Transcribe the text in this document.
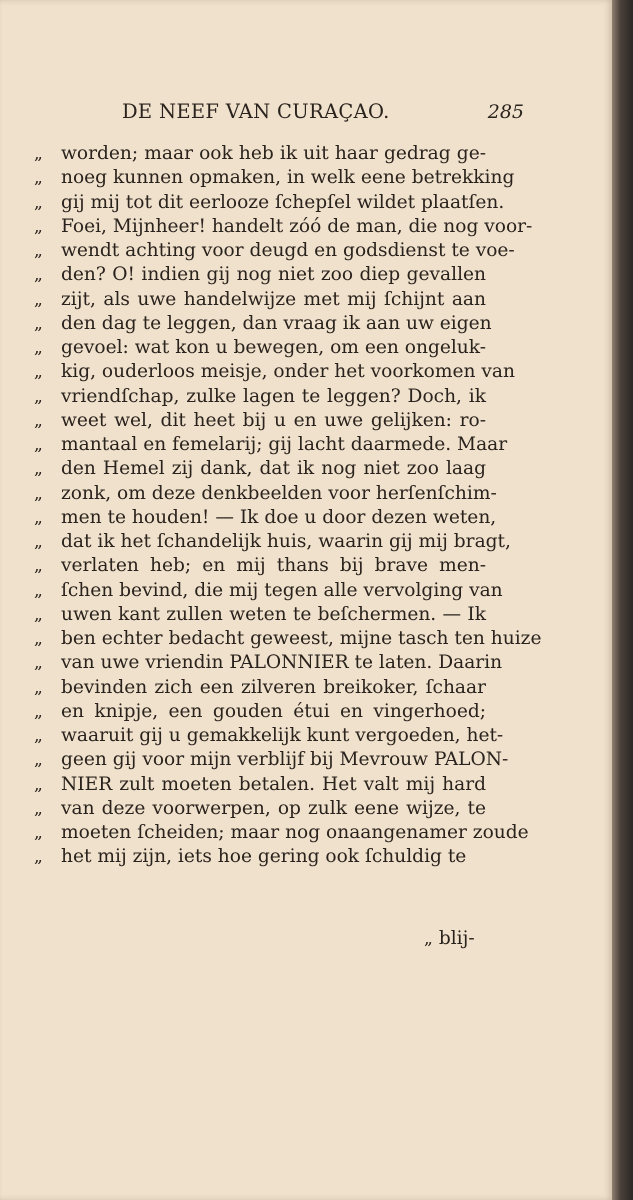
DE NEEF VAN CURAÇAO.	285
„ worden; maar ook heb ik uit haar gedrag ge-
„ noeg kunnen opmaken, in welk eene betrekking
„ gij mij tot dit eerlooze ſchepſel wildet plaatſen.
„ Foei, Mijnheer! handelt zóó de man, die nog voor-
„ wendt achting voor deugd en godsdienst te voe-
„ den? O! indien gij nog niet zoo diep gevallen
„ zijt, als uwe handelwijze met mij ſchijnt aan
„ den dag te leggen, dan vraag ik aan uw eigen
„ gevoel: wat kon u bewegen, om een ongeluk-
„ kig, ouderloos meisje, onder het voorkomen van
„ vriendſchap, zulke lagen te leggen? Doch, ik
„ weet wel, dit heet bij u en uwe gelijken: ro-
„ mantaal en femelarij; gij lacht daarmede. Maar
„ den Hemel zij dank, dat ik nog niet zoo laag
„ zonk, om deze denkbeelden voor herſenſchim-
„ men te houden! — Ik doe u door dezen weten,
„ dat ik het ſchandelijk huis, waarin gij mij bragt,
„ verlaten heb; en mij thans bij brave men-
„ ſchen bevind, die mij tegen alle vervolging van
„ uwen kant zullen weten te beſchermen. — Ik
„ ben echter bedacht geweest, mijne tasch ten huize
„ van uwe vriendin PALONNIER te laten. Daarin
„ bevinden zich een zilveren breikoker, ſchaar
„ en knipje, een gouden étui en vingerhoed;
„ waaruit gij u gemakkelijk kunt vergoeden, het-
„ geen gij voor mijn verblijf bij Mevrouw PALON-
„ NIER zult moeten betalen. Het valt mij hard
„ van deze voorwerpen, op zulk eene wijze, te
„ moeten ſcheiden; maar nog onaangenamer zoude
„ het mij zijn, iets hoe gering ook ſchuldig te
„ blij-
